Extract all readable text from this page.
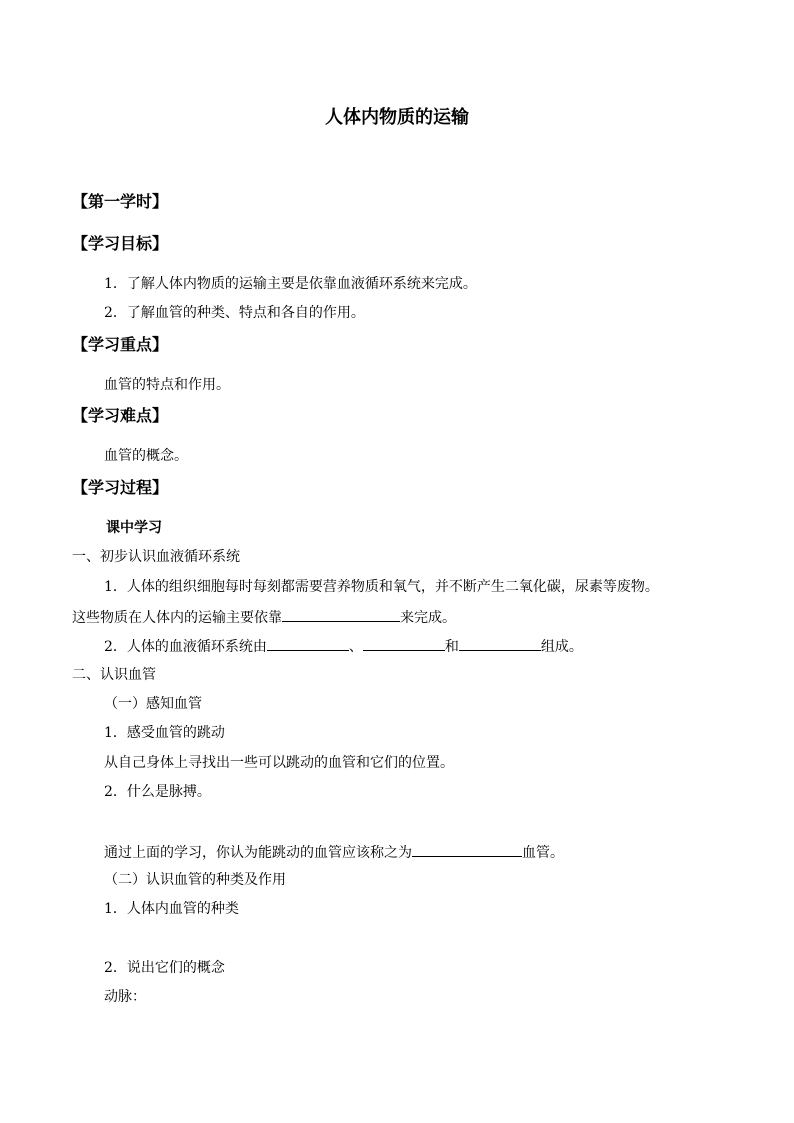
人体内物质的运输
【第一学时】
【学习目标】
1．了解人体内物质的运输主要是依靠血液循环系统来完成。
2．了解血管的种类、特点和各自的作用。
【学习重点】
血管的特点和作用。
【学习难点】
血管的概念。
【学习过程】
课中学习
一、初步认识血液循环系统
1．人体的组织细胞每时每刻都需要营养物质和氧气，并不断产生二氧化碳，尿素等废物。
这些物质在人体内的运输主要依靠	来完成。
2．人体的血液循环系统由	、	和	组成。
二、认识血管
（一）感知血管
1．感受血管的跳动
从自己身体上寻找出一些可以跳动的血管和它们的位置。
2．什么是脉搏。
通过上面的学习，你认为能跳动的血管应该称之为	血管。
（二）认识血管的种类及作用
1．人体内血管的种类
2．说出它们的概念
动脉：
